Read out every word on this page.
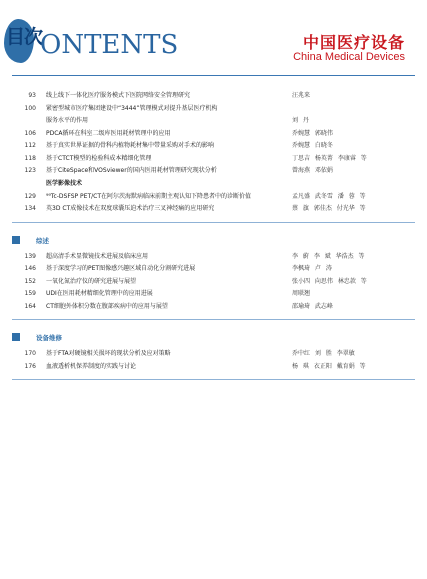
目次
ONTENTS	中国医疗设备
China Medical Devices
93 线上线下一体化医疗服务模式下医院网络安全管理研究	汪兆来
100 紧密型城市医疗集团建设中“3444”管理模式对提升基层医疗机构
服务水平的作用	刘 丹
106 PDCA循环在科室二级库医用耗材管理中的应用	乔婉慧 郭晓伟
112 基于真实世界证据的骨科内植物耗材集中带量采购对手术的影响	乔婉慧 白晓冬
118 基于CTCT模型的检验科成本精细化管理	丁思吉 杨英菁 李康睿 等
123 基于CiteSpace和VOSviewer的国内医用耗材管理研究现状分析	曾海燕 邓依娟
医学影像技术
129 ⁹⁹Tc-DSFSP PET/CT在阿尔茨海默病临床前期主观认知下降患者中的诊断价值	孟凡盛 武冬雪 潘 蓉 等
134 英3D CT成像技术在双度球囊压迫术治疗三叉神经痛的应用研究	蔡 旗 郭佳杰 付光华 等
综述
139 超高清手术显微镜技术进展及临床应用	李 蔚 李 斌 华浩杰 等
146 基于深度学习的PET图像感兴趣区域自动化分割研究进展	李枫琦 卢 涛
152 一氧化氮治疗仪的研究进展与展望	张小四 向思伟 林忠款 等
159 UDI在医用耗材精细化管理中的应用进展	周联翘
164 CT细胞外体积分数在腹部疾病中的应用与展望	邵瑜琦 武志峰
设备维修
170 基于FTA对硬镜相关损坏的现状分析及应对策略	乔中红 刘 胜 李翠敏
176 血液透析机保养制度的实践与讨论	杨 琪 衣正阳 戴育娟 等
